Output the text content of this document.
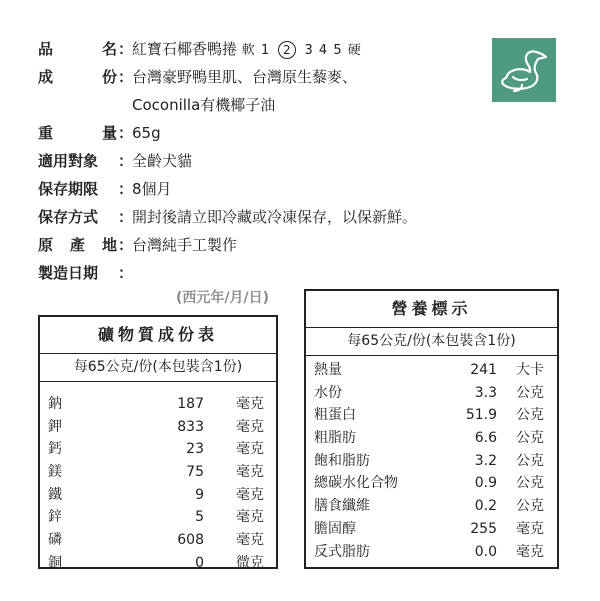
品	名 ：
紅寶石椰香鴨捲 軟 1 2 3 4 5 硬
成	份 ：
台灣豪野鴨里肌、台灣原生藜麥、
Coconilla有機椰子油
重	量 ：
65g
適用對象	：
全齡犬貓
保存期限	：
8個月
保存方式	：
開封後請立即冷藏或冷凍保存，以保新鮮。
原 產 地 ：
台灣純手工製作
製造日期	：
(西元年/月/日)
礦物質成份表
每65公克/份(本包裝含1份)
鈉	187 毫克
鉀	833 毫克
鈣	23 毫克
鎂	75 毫克
鐵	9 毫克
鋅	5 毫克
磷	608 毫克
銅	0 微克
營養標示
每65公克/份(本包裝含1份)
熱量	241 大卡
水份	3.3 公克
粗蛋白	51.9 公克
粗脂肪	6.6 公克
飽和脂肪	3.2 公克
總碳水化合物	0.9 公克
膳食纖維	0.2 公克
膽固醇	255 毫克
反式脂肪	0.0 毫克
